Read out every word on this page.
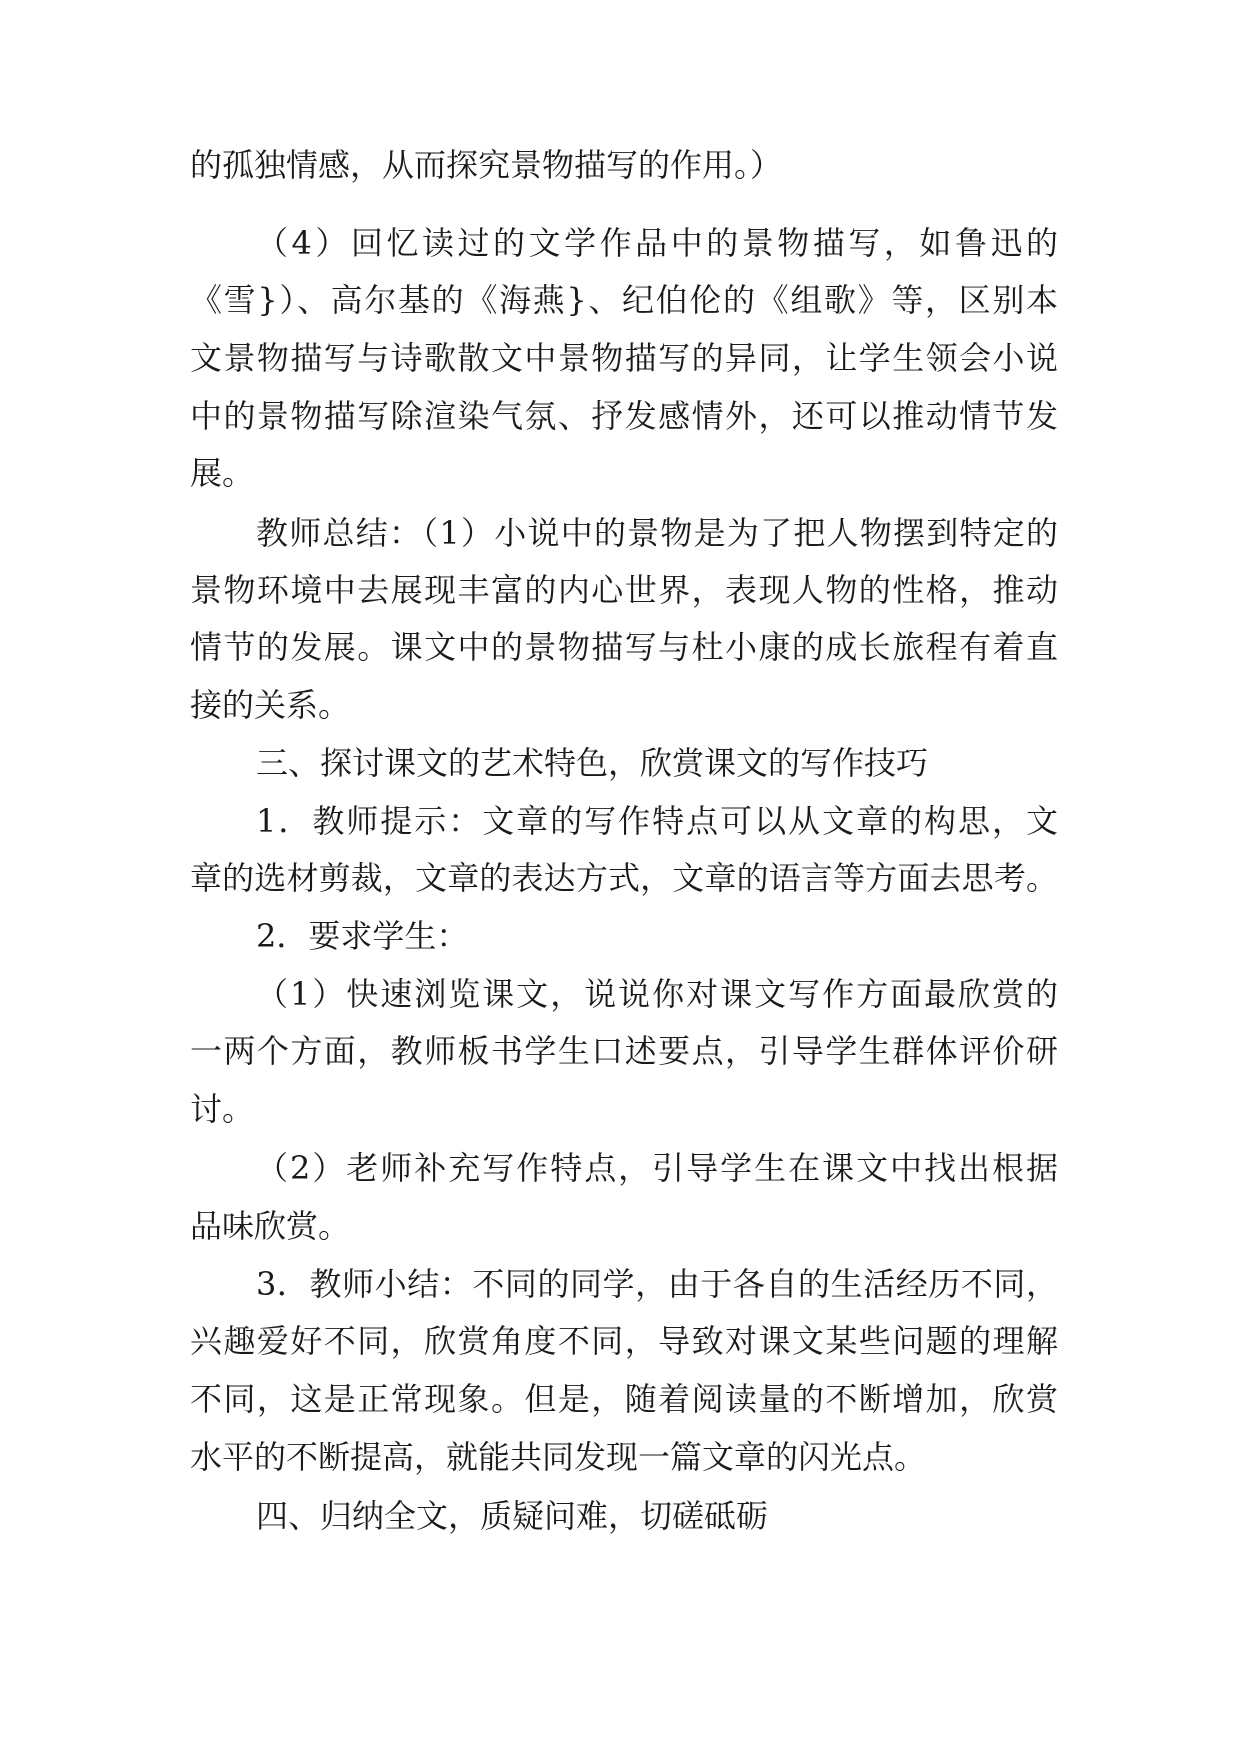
的孤独情感，从而探究景物描写的作用。）
（4）回忆读过的文学作品中的景物描写，如鲁迅的
《雪}）、高尔基的《海燕}、纪伯伦的《组歌》等，区别本
文景物描写与诗歌散文中景物描写的异同，让学生领会小说
中的景物描写除渲染气氛、抒发感情外，还可以推动情节发
展。
教师总结：（1）小说中的景物是为了把人物摆到特定的
景物环境中去展现丰富的内心世界，表现人物的性格，推动
情节的发展。课文中的景物描写与杜小康的成长旅程有着直
接的关系。
三、探讨课文的艺术特色，欣赏课文的写作技巧
1．教师提示：文章的写作特点可以从文章的构思，文
章的选材剪裁，文章的表达方式，文章的语言等方面去思考。
2．要求学生：
（1）快速浏览课文，说说你对课文写作方面最欣赏的
一两个方面，教师板书学生口述要点，引导学生群体评价研
讨。
（2）老师补充写作特点，引导学生在课文中找出根据
品味欣赏。
3．教师小结：不同的同学，由于各自的生活经历不同，
兴趣爱好不同，欣赏角度不同，导致对课文某些问题的理解
不同，这是正常现象。但是，随着阅读量的不断增加，欣赏
水平的不断提高，就能共同发现一篇文章的闪光点。
四、归纳全文，质疑问难，切磋砥砺
